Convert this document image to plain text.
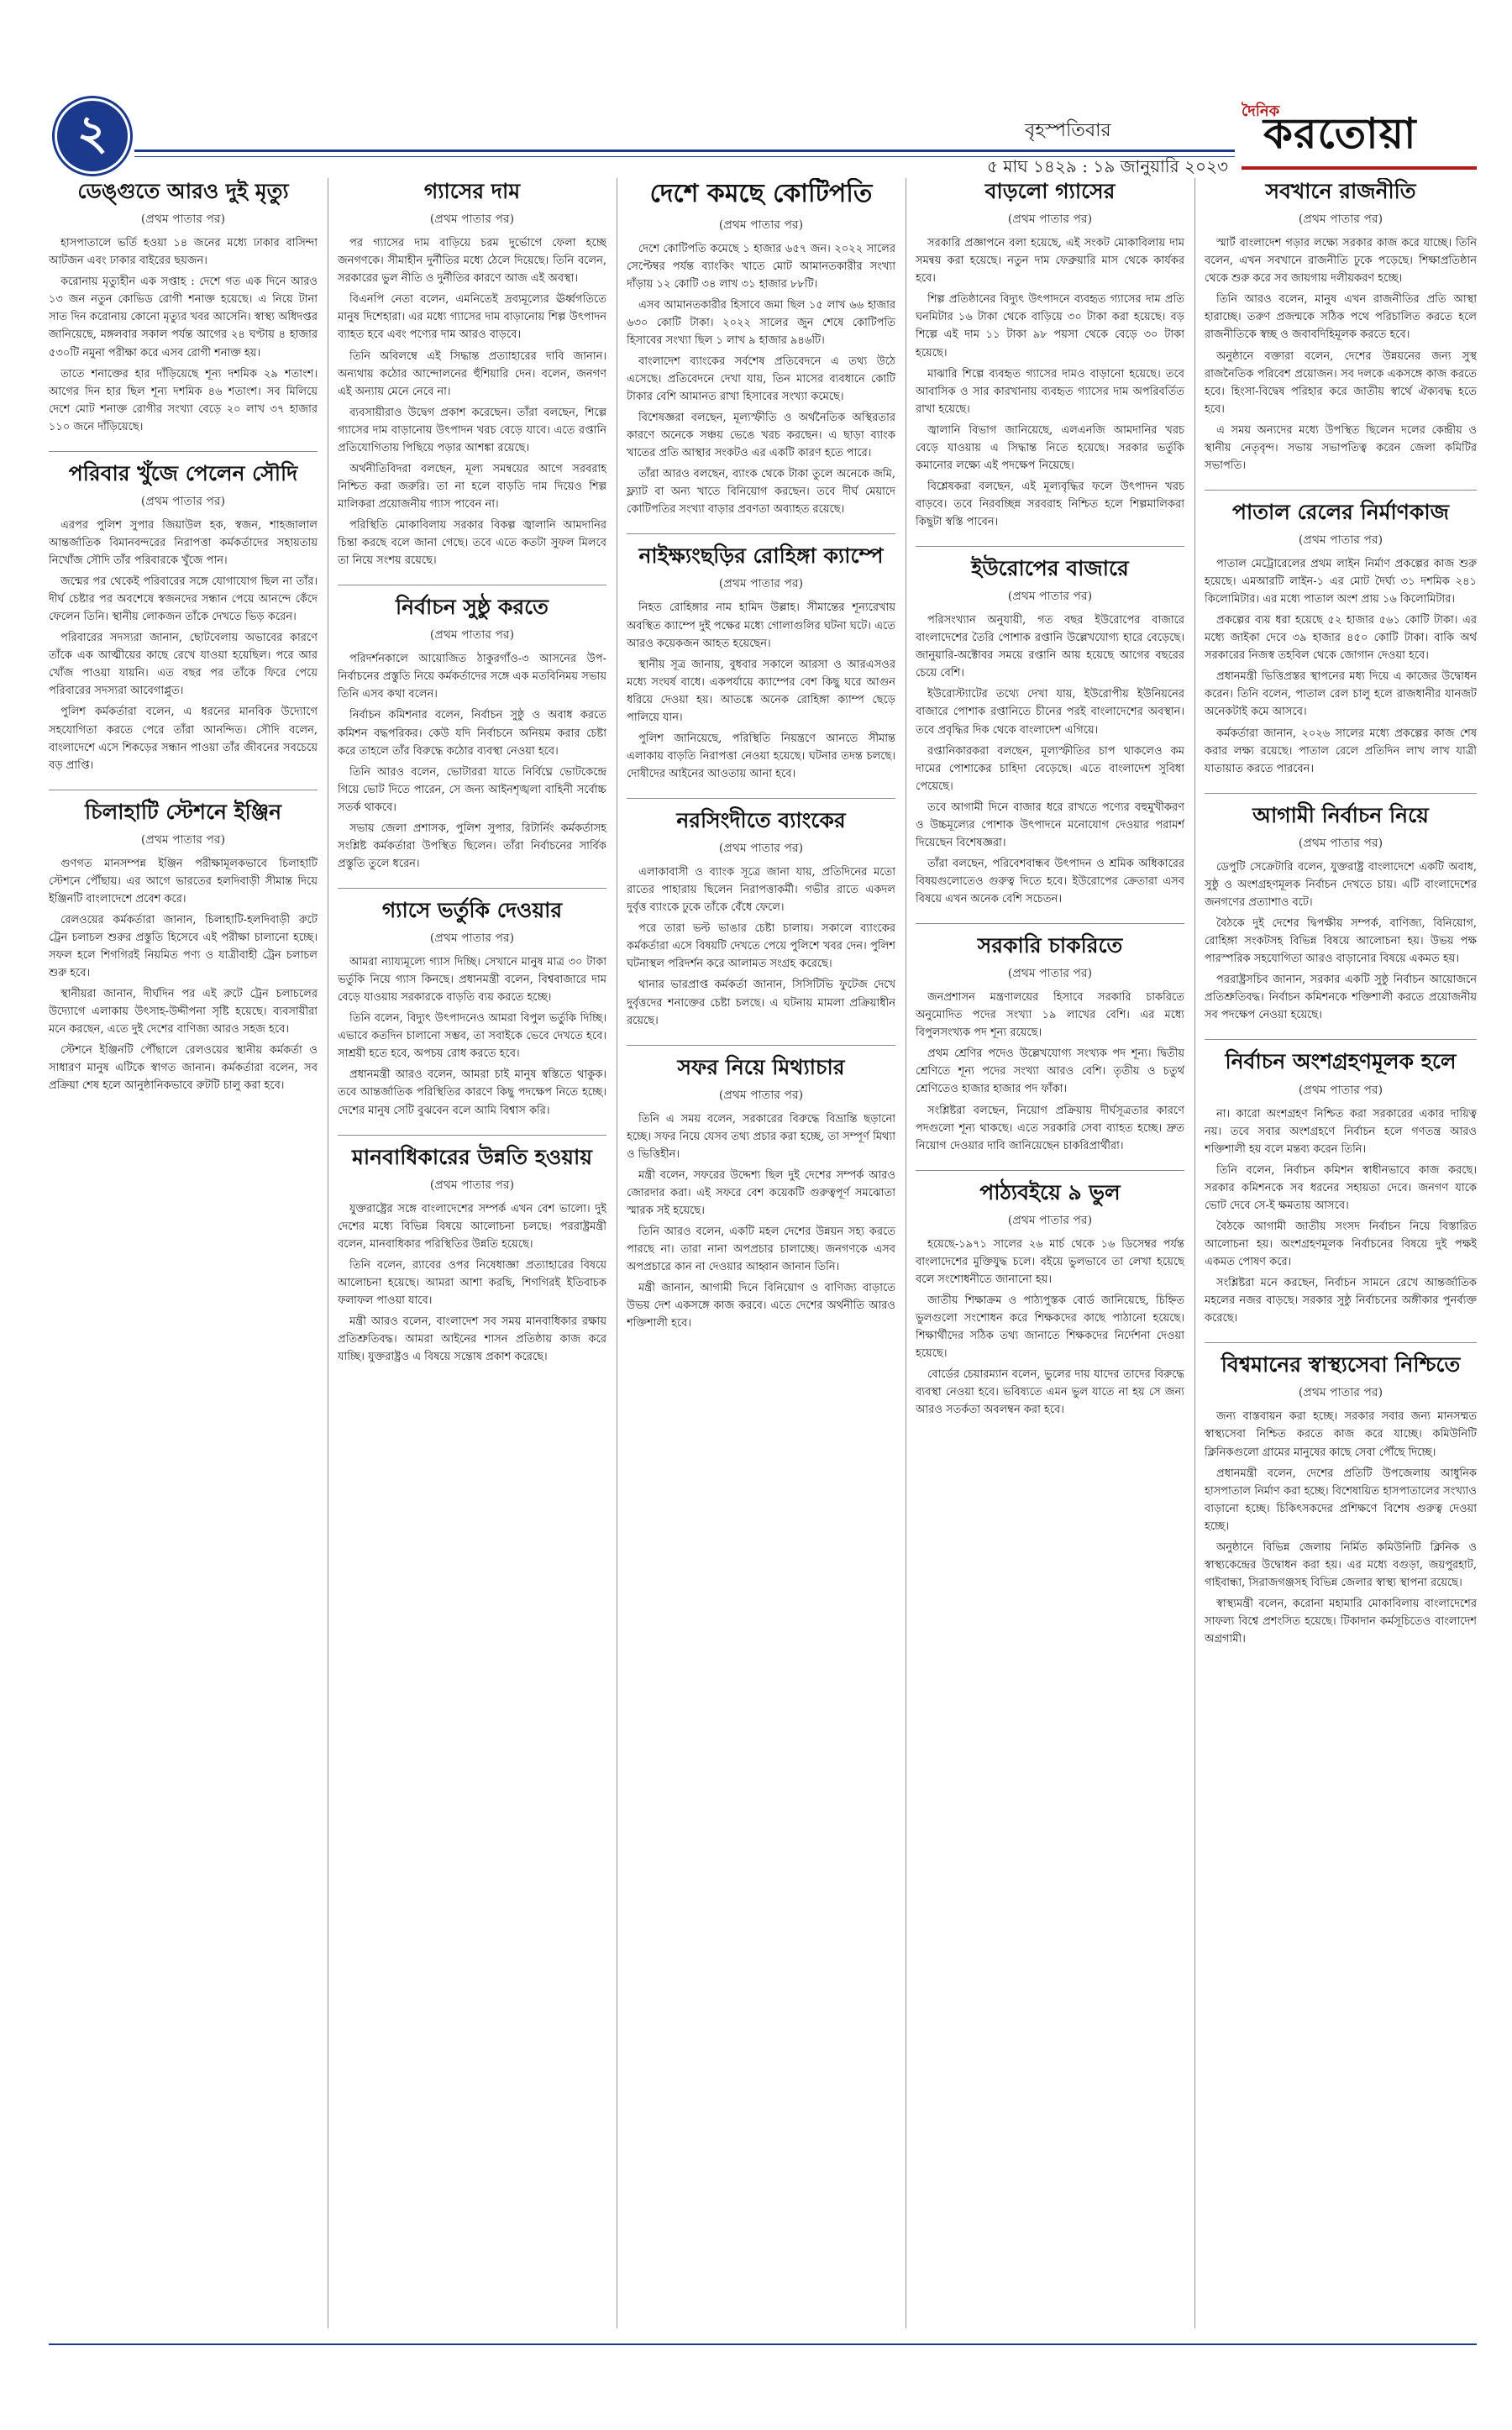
২	বৃহস্পতিবার
৫ মাঘ ১৪২৯ : ১৯ জানুয়ারি ২০২৩
দৈনিক
করতোয়া
ডেঙ্গুতে আরও দুই মৃত্যু
(প্রথম পাতার পর)

হাসপাতালে ভর্তি হওয়া ১৪ জনের মধ্যে ঢাকার বাসিন্দা আটজন এবং ঢাকার বাইরের ছয়জন।

করোনায় মৃত্যুহীন এক সপ্তাহ : দেশে গত এক দিনে আরও ১৩ জন নতুন কোভিড রোগী শনাক্ত হয়েছে। এ নিয়ে টানা সাত দিন করোনায় কোনো মৃত্যুর খবর আসেনি। স্বাস্থ্য অধিদপ্তর জানিয়েছে, মঙ্গলবার সকাল পর্যন্ত আগের ২৪ ঘণ্টায় ৪ হাজার ৫৩০টি নমুনা পরীক্ষা করে এসব রোগী শনাক্ত হয়।

তাতে শনাক্তের হার দাঁড়িয়েছে শূন্য দশমিক ২৯ শতাংশ। আগের দিন হার ছিল শূন্য দশমিক ৪৬ শতাংশ। সব মিলিয়ে দেশে মোট শনাক্ত রোগীর সংখ্যা বেড়ে ২০ লাখ ৩৭ হাজার ১১০ জনে দাঁড়িয়েছে।

পরিবার খুঁজে পেলেন সৌদি
(প্রথম পাতার পর)

এরপর পুলিশ সুপার জিয়াউল হক, স্বজন, শাহজালাল আন্তর্জাতিক বিমানবন্দরের নিরাপত্তা কর্মকর্তাদের সহায়তায় নিখোঁজ সৌদি তাঁর পরিবারকে খুঁজে পান।

জন্মের পর থেকেই পরিবারের সঙ্গে যোগাযোগ ছিল না তাঁর। দীর্ঘ চেষ্টার পর অবশেষে স্বজনদের সন্ধান পেয়ে আনন্দে কেঁদে ফেলেন তিনি। স্থানীয় লোকজন তাঁকে দেখতে ভিড় করেন।

পরিবারের সদস্যরা জানান, ছোটবেলায় অভাবের কারণে তাঁকে এক আত্মীয়ের কাছে রেখে যাওয়া হয়েছিল। পরে আর খোঁজ পাওয়া যায়নি। এত বছর পর তাঁকে ফিরে পেয়ে পরিবারের সদস্যরা আবেগাপ্লুত।

পুলিশ কর্মকর্তারা বলেন, এ ধরনের মানবিক উদ্যোগে সহযোগিতা করতে পেরে তাঁরা আনন্দিত। সৌদি বলেন, বাংলাদেশে এসে শিকড়ের সন্ধান পাওয়া তাঁর জীবনের সবচেয়ে বড় প্রাপ্তি।

চিলাহাটি স্টেশনে ইঞ্জিন
(প্রথম পাতার পর)

গুণগত মানসম্পন্ন ইঞ্জিন পরীক্ষামূলকভাবে চিলাহাটি স্টেশনে পৌঁছায়। এর আগে ভারতের হলদিবাড়ী সীমান্ত দিয়ে ইঞ্জিনটি বাংলাদেশে প্রবেশ করে।

রেলওয়ের কর্মকর্তারা জানান, চিলাহাটি-হলদিবাড়ী রুটে ট্রেন চলাচল শুরুর প্রস্তুতি হিসেবে এই পরীক্ষা চালানো হচ্ছে। সফল হলে শিগগিরই নিয়মিত পণ্য ও যাত্রীবাহী ট্রেন চলাচল শুরু হবে।

স্থানীয়রা জানান, দীর্ঘদিন পর এই রুটে ট্রেন চলাচলের উদ্যোগে এলাকায় উৎসাহ-উদ্দীপনা সৃষ্টি হয়েছে। ব্যবসায়ীরা মনে করছেন, এতে দুই দেশের বাণিজ্য আরও সহজ হবে।

স্টেশনে ইঞ্জিনটি পৌঁছালে রেলওয়ের স্থানীয় কর্মকর্তা ও সাধারণ মানুষ এটিকে স্বাগত জানান। কর্মকর্তারা বলেন, সব প্রক্রিয়া শেষ হলে আনুষ্ঠানিকভাবে রুটটি চালু করা হবে।

গ্যাসের দাম
(প্রথম পাতার পর)

পর গ্যাসের দাম বাড়িয়ে চরম দুর্ভোগে ফেলা হচ্ছে জনগণকে। সীমাহীন দুর্নীতির মধ্যে ঠেলে দিয়েছে। তিনি বলেন, সরকারের ভুল নীতি ও দুর্নীতির কারণে আজ এই অবস্থা।

বিএনপি নেতা বলেন, এমনিতেই দ্রব্যমূল্যের ঊর্ধ্বগতিতে মানুষ দিশেহারা। এর মধ্যে গ্যাসের দাম বাড়ানোয় শিল্প উৎপাদন ব্যাহত হবে এবং পণ্যের দাম আরও বাড়বে।

তিনি অবিলম্বে এই সিদ্ধান্ত প্রত্যাহারের দাবি জানান। অন্যথায় কঠোর আন্দোলনের হুঁশিয়ারি দেন। বলেন, জনগণ এই অন্যায় মেনে নেবে না।

ব্যবসায়ীরাও উদ্বেগ প্রকাশ করেছেন। তাঁরা বলছেন, শিল্পে গ্যাসের দাম বাড়ানোয় উৎপাদন খরচ বেড়ে যাবে। এতে রপ্তানি প্রতিযোগিতায় পিছিয়ে পড়ার আশঙ্কা রয়েছে।

অর্থনীতিবিদরা বলছেন, মূল্য সমন্বয়ের আগে সরবরাহ নিশ্চিত করা জরুরি। তা না হলে বাড়তি দাম দিয়েও শিল্প মালিকরা প্রয়োজনীয় গ্যাস পাবেন না।

পরিস্থিতি মোকাবিলায় সরকার বিকল্প জ্বালানি আমদানির চিন্তা করছে বলে জানা গেছে। তবে এতে কতটা সুফল মিলবে তা নিয়ে সংশয় রয়েছে।

নির্বাচন সুষ্ঠু করতে
(প্রথম পাতার পর)

পরিদর্শনকালে আয়োজিত ঠাকুরগাঁও-৩ আসনের উপ-নির্বাচনের প্রস্তুতি নিয়ে কর্মকর্তাদের সঙ্গে এক মতবিনিময় সভায় তিনি এসব কথা বলেন।

নির্বাচন কমিশনার বলেন, নির্বাচন সুষ্ঠু ও অবাধ করতে কমিশন বদ্ধপরিকর। কেউ যদি নির্বাচনে অনিয়ম করার চেষ্টা করে তাহলে তাঁর বিরুদ্ধে কঠোর ব্যবস্থা নেওয়া হবে।

তিনি আরও বলেন, ভোটাররা যাতে নির্বিঘ্নে ভোটকেন্দ্রে গিয়ে ভোট দিতে পারেন, সে জন্য আইনশৃঙ্খলা বাহিনী সর্বোচ্চ সতর্ক থাকবে।

সভায় জেলা প্রশাসক, পুলিশ সুপার, রিটার্নিং কর্মকর্তাসহ সংশ্লিষ্ট কর্মকর্তারা উপস্থিত ছিলেন। তাঁরা নির্বাচনের সার্বিক প্রস্তুতি তুলে ধরেন।

গ্যাসে ভর্তুকি দেওয়ার
(প্রথম পাতার পর)

আমরা ন্যায্যমূল্যে গ্যাস দিচ্ছি। সেখানে মানুষ মাত্র ৩০ টাকা ভর্তুকি নিয়ে গ্যাস কিনছে। প্রধানমন্ত্রী বলেন, বিশ্ববাজারে দাম বেড়ে যাওয়ায় সরকারকে বাড়তি ব্যয় করতে হচ্ছে।

তিনি বলেন, বিদ্যুৎ উৎপাদনেও আমরা বিপুল ভর্তুকি দিচ্ছি। এভাবে কতদিন চালানো সম্ভব, তা সবাইকে ভেবে দেখতে হবে। সাশ্রয়ী হতে হবে, অপচয় রোধ করতে হবে।

প্রধানমন্ত্রী আরও বলেন, আমরা চাই মানুষ স্বস্তিতে থাকুক। তবে আন্তর্জাতিক পরিস্থিতির কারণে কিছু পদক্ষেপ নিতে হচ্ছে। দেশের মানুষ সেটি বুঝবেন বলে আমি বিশ্বাস করি।

মানবাধিকারের উন্নতি হওয়ায়
(প্রথম পাতার পর)

যুক্তরাষ্ট্রের সঙ্গে বাংলাদেশের সম্পর্ক এখন বেশ ভালো। দুই দেশের মধ্যে বিভিন্ন বিষয়ে আলোচনা চলছে। পররাষ্ট্রমন্ত্রী বলেন, মানবাধিকার পরিস্থিতির উন্নতি হয়েছে।

তিনি বলেন, র‍্যাবের ওপর নিষেধাজ্ঞা প্রত্যাহারের বিষয়ে আলোচনা হয়েছে। আমরা আশা করছি, শিগগিরই ইতিবাচক ফলাফল পাওয়া যাবে।

মন্ত্রী আরও বলেন, বাংলাদেশ সব সময় মানবাধিকার রক্ষায় প্রতিশ্রুতিবদ্ধ। আমরা আইনের শাসন প্রতিষ্ঠায় কাজ করে যাচ্ছি। যুক্তরাষ্ট্রও এ বিষয়ে সন্তোষ প্রকাশ করেছে।

দেশে কমছে কোটিপতি
(প্রথম পাতার পর)

দেশে কোটিপতি কমেছে ১ হাজার ৬৫৭ জন। ২০২২ সালের সেপ্টেম্বর পর্যন্ত ব্যাংকিং খাতে মোট আমানতকারীর সংখ্যা দাঁড়ায় ১২ কোটি ৩৪ লাখ ৩১ হাজার ৮৮টি।

এসব আমানতকারীর হিসাবে জমা ছিল ১৫ লাখ ৬৬ হাজার ৬৩০ কোটি টাকা। ২০২২ সালের জুন শেষে কোটিপতি হিসাবের সংখ্যা ছিল ১ লাখ ৯ হাজার ৯৪৬টি।

বাংলাদেশ ব্যাংকের সর্বশেষ প্রতিবেদনে এ তথ্য উঠে এসেছে। প্রতিবেদনে দেখা যায়, তিন মাসের ব্যবধানে কোটি টাকার বেশি আমানত রাখা হিসাবের সংখ্যা কমেছে।

বিশেষজ্ঞরা বলছেন, মূল্যস্ফীতি ও অর্থনৈতিক অস্থিরতার কারণে অনেকে সঞ্চয় ভেঙে খরচ করছেন। এ ছাড়া ব্যাংক খাতের প্রতি আস্থার সংকটও এর একটি কারণ হতে পারে।

তাঁরা আরও বলছেন, ব্যাংক থেকে টাকা তুলে অনেকে জমি, ফ্ল্যাট বা অন্য খাতে বিনিয়োগ করছেন। তবে দীর্ঘ মেয়াদে কোটিপতির সংখ্যা বাড়ার প্রবণতা অব্যাহত রয়েছে।

নাইক্ষ্যংছড়ির রোহিঙ্গা ক্যাম্পে
(প্রথম পাতার পর)

নিহত রোহিঙ্গার নাম হামিদ উল্লাহ। সীমান্তের শূন্যরেখায় অবস্থিত ক্যাম্পে দুই পক্ষের মধ্যে গোলাগুলির ঘটনা ঘটে। এতে আরও কয়েকজন আহত হয়েছেন।

স্থানীয় সূত্র জানায়, বুধবার সকালে আরসা ও আরএসওর মধ্যে সংঘর্ষ বাধে। একপর্যায়ে ক্যাম্পের বেশ কিছু ঘরে আগুন ধরিয়ে দেওয়া হয়। আতঙ্কে অনেক রোহিঙ্গা ক্যাম্প ছেড়ে পালিয়ে যান।

পুলিশ জানিয়েছে, পরিস্থিতি নিয়ন্ত্রণে আনতে সীমান্ত এলাকায় বাড়তি নিরাপত্তা নেওয়া হয়েছে। ঘটনার তদন্ত চলছে। দোষীদের আইনের আওতায় আনা হবে।

নরসিংদীতে ব্যাংকের
(প্রথম পাতার পর)

এলাকাবাসী ও ব্যাংক সূত্রে জানা যায়, প্রতিদিনের মতো রাতের পাহারায় ছিলেন নিরাপত্তাকর্মী। গভীর রাতে একদল দুর্বৃত্ত ব্যাংকে ঢুকে তাঁকে বেঁধে ফেলে।

পরে তারা ভল্ট ভাঙার চেষ্টা চালায়। সকালে ব্যাংকের কর্মকর্তারা এসে বিষয়টি দেখতে পেয়ে পুলিশে খবর দেন। পুলিশ ঘটনাস্থল পরিদর্শন করে আলামত সংগ্রহ করেছে।

থানার ভারপ্রাপ্ত কর্মকর্তা জানান, সিসিটিভি ফুটেজ দেখে দুর্বৃত্তদের শনাক্তের চেষ্টা চলছে। এ ঘটনায় মামলা প্রক্রিয়াধীন রয়েছে।

সফর নিয়ে মিথ্যাচার
(প্রথম পাতার পর)

তিনি এ সময় বলেন, সরকারের বিরুদ্ধে বিভ্রান্তি ছড়ানো হচ্ছে। সফর নিয়ে যেসব তথ্য প্রচার করা হচ্ছে, তা সম্পূর্ণ মিথ্যা ও ভিত্তিহীন।

মন্ত্রী বলেন, সফরের উদ্দেশ্য ছিল দুই দেশের সম্পর্ক আরও জোরদার করা। এই সফরে বেশ কয়েকটি গুরুত্বপূর্ণ সমঝোতা স্মারক সই হয়েছে।

তিনি আরও বলেন, একটি মহল দেশের উন্নয়ন সহ্য করতে পারছে না। তারা নানা অপপ্রচার চালাচ্ছে। জনগণকে এসব অপপ্রচারে কান না দেওয়ার আহ্বান জানান তিনি।

মন্ত্রী জানান, আগামী দিনে বিনিয়োগ ও বাণিজ্য বাড়াতে উভয় দেশ একসঙ্গে কাজ করবে। এতে দেশের অর্থনীতি আরও শক্তিশালী হবে।

বাড়লো গ্যাসের
(প্রথম পাতার পর)

সরকারি প্রজ্ঞাপনে বলা হয়েছে, এই সংকট মোকাবিলায় দাম সমন্বয় করা হয়েছে। নতুন দাম ফেব্রুয়ারি মাস থেকে কার্যকর হবে।

শিল্প প্রতিষ্ঠানের বিদ্যুৎ উৎপাদনে ব্যবহৃত গ্যাসের দাম প্রতি ঘনমিটার ১৬ টাকা থেকে বাড়িয়ে ৩০ টাকা করা হয়েছে। বড় শিল্পে এই দাম ১১ টাকা ৯৮ পয়সা থেকে বেড়ে ৩০ টাকা হয়েছে।

মাঝারি শিল্পে ব্যবহৃত গ্যাসের দামও বাড়ানো হয়েছে। তবে আবাসিক ও সার কারখানায় ব্যবহৃত গ্যাসের দাম অপরিবর্তিত রাখা হয়েছে।

জ্বালানি বিভাগ জানিয়েছে, এলএনজি আমদানির খরচ বেড়ে যাওয়ায় এ সিদ্ধান্ত নিতে হয়েছে। সরকার ভর্তুকি কমানোর লক্ষ্যে এই পদক্ষেপ নিয়েছে।

বিশ্লেষকরা বলছেন, এই মূল্যবৃদ্ধির ফলে উৎপাদন খরচ বাড়বে। তবে নিরবচ্ছিন্ন সরবরাহ নিশ্চিত হলে শিল্পমালিকরা কিছুটা স্বস্তি পাবেন।

ইউরোপের বাজারে
(প্রথম পাতার পর)

পরিসংখ্যান অনুযায়ী, গত বছর ইউরোপের বাজারে বাংলাদেশের তৈরি পোশাক রপ্তানি উল্লেখযোগ্য হারে বেড়েছে। জানুয়ারি-অক্টোবর সময়ে রপ্তানি আয় হয়েছে আগের বছরের চেয়ে বেশি।

ইউরোস্ট্যাটের তথ্যে দেখা যায়, ইউরোপীয় ইউনিয়নের বাজারে পোশাক রপ্তানিতে চীনের পরই বাংলাদেশের অবস্থান। তবে প্রবৃদ্ধির দিক থেকে বাংলাদেশ এগিয়ে।

রপ্তানিকারকরা বলছেন, মূল্যস্ফীতির চাপ থাকলেও কম দামের পোশাকের চাহিদা বেড়েছে। এতে বাংলাদেশ সুবিধা পেয়েছে।

তবে আগামী দিনে বাজার ধরে রাখতে পণ্যের বহুমুখীকরণ ও উচ্চমূল্যের পোশাক উৎপাদনে মনোযোগ দেওয়ার পরামর্শ দিয়েছেন বিশেষজ্ঞরা।

তাঁরা বলছেন, পরিবেশবান্ধব উৎপাদন ও শ্রমিক অধিকারের বিষয়গুলোতেও গুরুত্ব দিতে হবে। ইউরোপের ক্রেতারা এসব বিষয়ে এখন অনেক বেশি সচেতন।

সরকারি চাকরিতে
(প্রথম পাতার পর)

জনপ্রশাসন মন্ত্রণালয়ের হিসাবে সরকারি চাকরিতে অনুমোদিত পদের সংখ্যা ১৯ লাখের বেশি। এর মধ্যে বিপুলসংখ্যক পদ শূন্য রয়েছে।

প্রথম শ্রেণির পদেও উল্লেখযোগ্য সংখ্যক পদ শূন্য। দ্বিতীয় শ্রেণিতে শূন্য পদের সংখ্যা আরও বেশি। তৃতীয় ও চতুর্থ শ্রেণিতেও হাজার হাজার পদ ফাঁকা।

সংশ্লিষ্টরা বলছেন, নিয়োগ প্রক্রিয়ায় দীর্ঘসূত্রতার কারণে পদগুলো শূন্য থাকছে। এতে সরকারি সেবা ব্যাহত হচ্ছে। দ্রুত নিয়োগ দেওয়ার দাবি জানিয়েছেন চাকরিপ্রার্থীরা।

পাঠ্যবইয়ে ৯ ভুল
(প্রথম পাতার পর)

হয়েছে-১৯৭১ সালের ২৬ মার্চ থেকে ১৬ ডিসেম্বর পর্যন্ত বাংলাদেশের মুক্তিযুদ্ধ চলে। বইয়ে ভুলভাবে তা লেখা হয়েছে বলে সংশোধনীতে জানানো হয়।

জাতীয় শিক্ষাক্রম ও পাঠ্যপুস্তক বোর্ড জানিয়েছে, চিহ্নিত ভুলগুলো সংশোধন করে শিক্ষকদের কাছে পাঠানো হয়েছে। শিক্ষার্থীদের সঠিক তথ্য জানাতে শিক্ষকদের নির্দেশনা দেওয়া হয়েছে।

বোর্ডের চেয়ারম্যান বলেন, ভুলের দায় যাদের তাদের বিরুদ্ধে ব্যবস্থা নেওয়া হবে। ভবিষ্যতে এমন ভুল যাতে না হয় সে জন্য আরও সতর্কতা অবলম্বন করা হবে।

সবখানে রাজনীতি
(প্রথম পাতার পর)

স্মার্ট বাংলাদেশ গড়ার লক্ষ্যে সরকার কাজ করে যাচ্ছে। তিনি বলেন, এখন সবখানে রাজনীতি ঢুকে পড়েছে। শিক্ষাপ্রতিষ্ঠান থেকে শুরু করে সব জায়গায় দলীয়করণ হচ্ছে।

তিনি আরও বলেন, মানুষ এখন রাজনীতির প্রতি আস্থা হারাচ্ছে। তরুণ প্রজন্মকে সঠিক পথে পরিচালিত করতে হলে রাজনীতিকে স্বচ্ছ ও জবাবদিহিমূলক করতে হবে।

অনুষ্ঠানে বক্তারা বলেন, দেশের উন্নয়নের জন্য সুস্থ রাজনৈতিক পরিবেশ প্রয়োজন। সব দলকে একসঙ্গে কাজ করতে হবে। হিংসা-বিদ্বেষ পরিহার করে জাতীয় স্বার্থে ঐক্যবদ্ধ হতে হবে।

এ সময় অন্যদের মধ্যে উপস্থিত ছিলেন দলের কেন্দ্রীয় ও স্থানীয় নেতৃবৃন্দ। সভায় সভাপতিত্ব করেন জেলা কমিটির সভাপতি।

পাতাল রেলের নির্মাণকাজ
(প্রথম পাতার পর)

পাতাল মেট্রোরেলের প্রথম লাইন নির্মাণ প্রকল্পের কাজ শুরু হয়েছে। এমআরটি লাইন-১ এর মোট দৈর্ঘ্য ৩১ দশমিক ২৪১ কিলোমিটার। এর মধ্যে পাতাল অংশ প্রায় ১৬ কিলোমিটার।

প্রকল্পের ব্যয় ধরা হয়েছে ৫২ হাজার ৫৬১ কোটি টাকা। এর মধ্যে জাইকা দেবে ৩৯ হাজার ৪৫০ কোটি টাকা। বাকি অর্থ সরকারের নিজস্ব তহবিল থেকে জোগান দেওয়া হবে।

প্রধানমন্ত্রী ভিত্তিপ্রস্তর স্থাপনের মধ্য দিয়ে এ কাজের উদ্বোধন করেন। তিনি বলেন, পাতাল রেল চালু হলে রাজধানীর যানজট অনেকটাই কমে আসবে।

কর্মকর্তারা জানান, ২০২৬ সালের মধ্যে প্রকল্পের কাজ শেষ করার লক্ষ্য রয়েছে। পাতাল রেলে প্রতিদিন লাখ লাখ যাত্রী যাতায়াত করতে পারবেন।

আগামী নির্বাচন নিয়ে
(প্রথম পাতার পর)

ডেপুটি সেক্রেটারি বলেন, যুক্তরাষ্ট্র বাংলাদেশে একটি অবাধ, সুষ্ঠু ও অংশগ্রহণমূলক নির্বাচন দেখতে চায়। এটি বাংলাদেশের জনগণের প্রত্যাশাও বটে।

বৈঠকে দুই দেশের দ্বিপক্ষীয় সম্পর্ক, বাণিজ্য, বিনিয়োগ, রোহিঙ্গা সংকটসহ বিভিন্ন বিষয়ে আলোচনা হয়। উভয় পক্ষ পারস্পরিক সহযোগিতা আরও বাড়ানোর বিষয়ে একমত হয়।

পররাষ্ট্রসচিব জানান, সরকার একটি সুষ্ঠু নির্বাচন আয়োজনে প্রতিশ্রুতিবদ্ধ। নির্বাচন কমিশনকে শক্তিশালী করতে প্রয়োজনীয় সব পদক্ষেপ নেওয়া হয়েছে।

নির্বাচন অংশগ্রহণমূলক হলে
(প্রথম পাতার পর)

না। কারো অংশগ্রহণ নিশ্চিত করা সরকারের একার দায়িত্ব নয়। তবে সবার অংশগ্রহণে নির্বাচন হলে গণতন্ত্র আরও শক্তিশালী হয় বলে মন্তব্য করেন তিনি।

তিনি বলেন, নির্বাচন কমিশন স্বাধীনভাবে কাজ করছে। সরকার কমিশনকে সব ধরনের সহায়তা দেবে। জনগণ যাকে ভোট দেবে সে-ই ক্ষমতায় আসবে।

বৈঠকে আগামী জাতীয় সংসদ নির্বাচন নিয়ে বিস্তারিত আলোচনা হয়। অংশগ্রহণমূলক নির্বাচনের বিষয়ে দুই পক্ষই একমত পোষণ করে।

সংশ্লিষ্টরা মনে করছেন, নির্বাচন সামনে রেখে আন্তর্জাতিক মহলের নজর বাড়ছে। সরকার সুষ্ঠু নির্বাচনের অঙ্গীকার পুনর্ব্যক্ত করেছে।

বিশ্বমানের স্বাস্থ্যসেবা নিশ্চিতে
(প্রথম পাতার পর)

জন্য বাস্তবায়ন করা হচ্ছে। সরকার সবার জন্য মানসম্মত স্বাস্থ্যসেবা নিশ্চিত করতে কাজ করে যাচ্ছে। কমিউনিটি ক্লিনিকগুলো গ্রামের মানুষের কাছে সেবা পৌঁছে দিচ্ছে।

প্রধানমন্ত্রী বলেন, দেশের প্রতিটি উপজেলায় আধুনিক হাসপাতাল নির্মাণ করা হচ্ছে। বিশেষায়িত হাসপাতালের সংখ্যাও বাড়ানো হচ্ছে। চিকিৎসকদের প্রশিক্ষণে বিশেষ গুরুত্ব দেওয়া হচ্ছে।

অনুষ্ঠানে বিভিন্ন জেলায় নির্মিত কমিউনিটি ক্লিনিক ও স্বাস্থ্যকেন্দ্রের উদ্বোধন করা হয়। এর মধ্যে বগুড়া, জয়পুরহাট, গাইবান্ধা, সিরাজগঞ্জসহ বিভিন্ন জেলার স্বাস্থ্য স্থাপনা রয়েছে।

স্বাস্থ্যমন্ত্রী বলেন, করোনা মহামারি মোকাবিলায় বাংলাদেশের সাফল্য বিশ্বে প্রশংসিত হয়েছে। টিকাদান কর্মসূচিতেও বাংলাদেশ অগ্রগামী।
